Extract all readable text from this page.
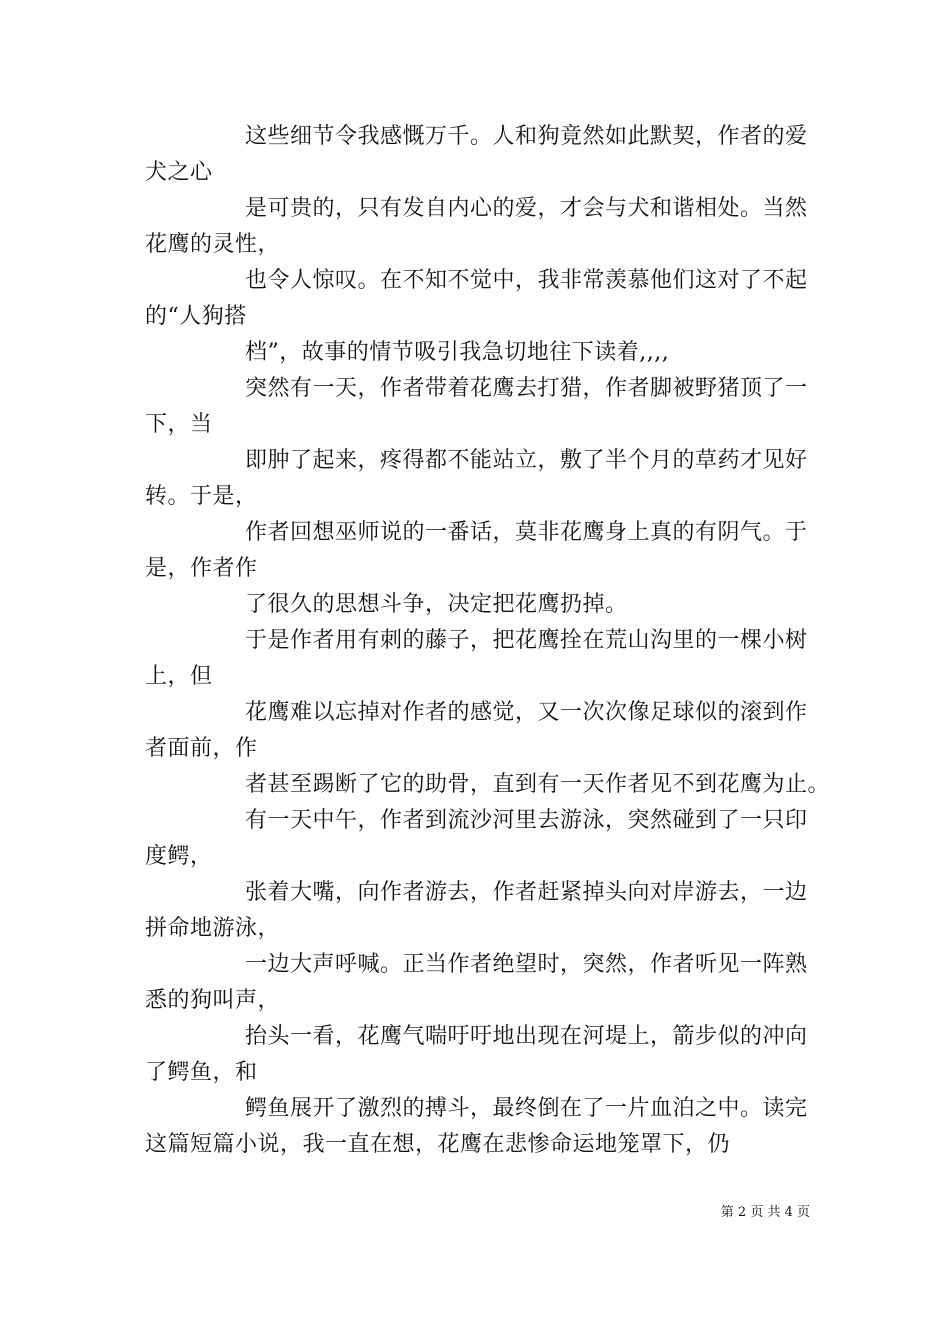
这些细节令我感慨万千。人和狗竟然如此默契，作者的爱
犬之心
是可贵的，只有发自内心的爱，才会与犬和谐相处。当然
花鹰的灵性，
也令人惊叹。在不知不觉中，我非常羡慕他们这对了不起
的“人狗搭
档”，故事的情节吸引我急切地往下读着,,,,
突然有一天，作者带着花鹰去打猎，作者脚被野猪顶了一
下，当
即肿了起来，疼得都不能站立，敷了半个月的草药才见好
转。于是，
作者回想巫师说的一番话，莫非花鹰身上真的有阴气。于
是，作者作
了很久的思想斗争，决定把花鹰扔掉。
于是作者用有刺的藤子，把花鹰拴在荒山沟里的一棵小树
上，但
花鹰难以忘掉对作者的感觉，又一次次像足球似的滚到作
者面前，作
者甚至踢断了它的助骨，直到有一天作者见不到花鹰为止。
有一天中午，作者到流沙河里去游泳，突然碰到了一只印
度鳄，
张着大嘴，向作者游去，作者赶紧掉头向对岸游去，一边
拼命地游泳，
一边大声呼喊。正当作者绝望时，突然，作者听见一阵熟
悉的狗叫声，
抬头一看，花鹰气喘吁吁地出现在河堤上，箭步似的冲向
了鳄鱼，和
鳄鱼展开了激烈的搏斗，最终倒在了一片血泊之中。读完
这篇短篇小说，我一直在想，花鹰在悲惨命运地笼罩下，仍
第 2 页 共 4 页
